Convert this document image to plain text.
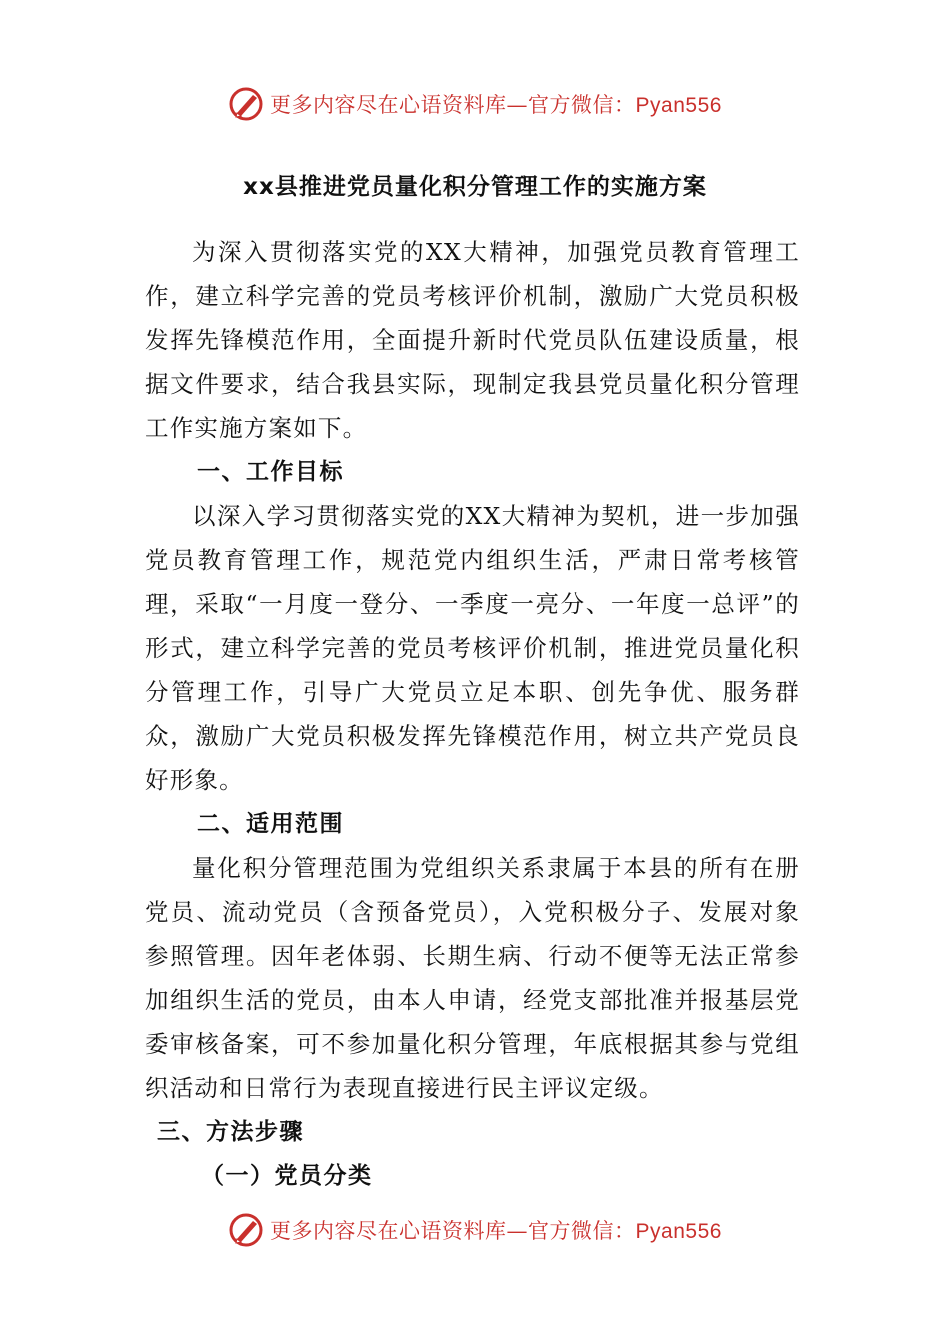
更多内容尽在心语资料库—官方微信：Pyan556
xx县推进党员量化积分管理工作的实施方案

为深入贯彻落实党的XX大精神，加强党员教育管理工作，建立科学完善的党员考核评价机制，激励广大党员积极发挥先锋模范作用，全面提升新时代党员队伍建设质量，根据文件要求，结合我县实际，现制定我县党员量化积分管理工作实施方案如下。

一、工作目标

以深入学习贯彻落实党的XX大精神为契机，进一步加强党员教育管理工作，规范党内组织生活，严肃日常考核管理，采取“一月度一登分、一季度一亮分、一年度一总评”的形式，建立科学完善的党员考核评价机制，推进党员量化积分管理工作，引导广大党员立足本职、创先争优、服务群众，激励广大党员积极发挥先锋模范作用，树立共产党员良好形象。

二、适用范围

量化积分管理范围为党组织关系隶属于本县的所有在册党员、流动党员（含预备党员），入党积极分子、发展对象参照管理。因年老体弱、长期生病、行动不便等无法正常参加组织生活的党员，由本人申请，经党支部批准并报基层党委审核备案，可不参加量化积分管理，年底根据其参与党组织活动和日常行为表现直接进行民主评议定级。

三、方法步骤

（一）党员分类

更多内容尽在心语资料库—官方微信：Pyan556
